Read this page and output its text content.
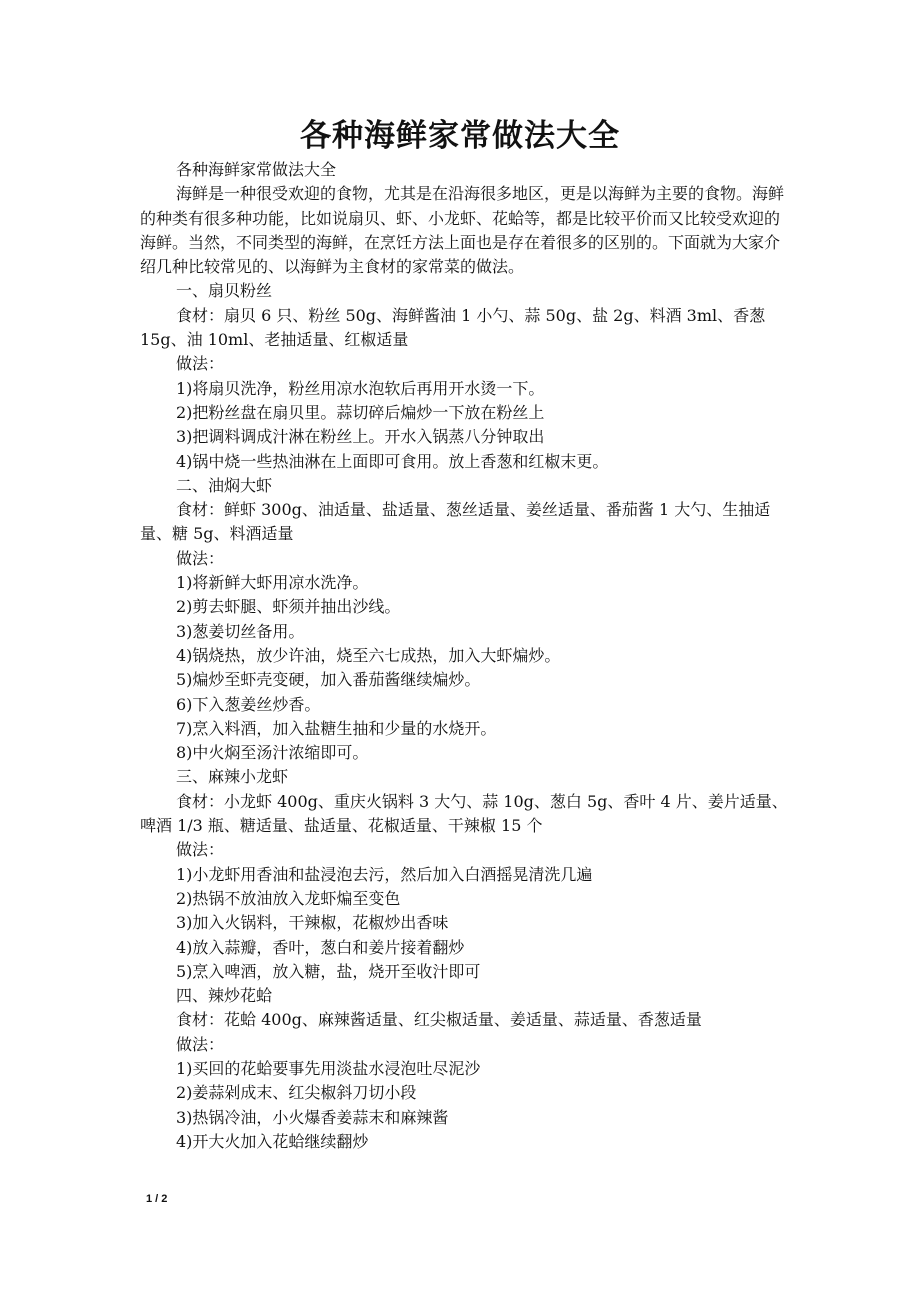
各种海鲜家常做法大全

各种海鲜家常做法大全

海鲜是一种很受欢迎的食物，尤其是在沿海很多地区，更是以海鲜为主要的食物。海鲜的种类有很多种功能，比如说扇贝、虾、小龙虾、花蛤等，都是比较平价而又比较受欢迎的海鲜。当然，不同类型的海鲜，在烹饪方法上面也是存在着很多的区别的。下面就为大家介绍几种比较常见的、以海鲜为主食材的家常菜的做法。

一、扇贝粉丝

食材：扇贝 6 只、粉丝 50g、海鲜酱油 1 小勺、蒜 50g、盐 2g、料酒 3ml、香葱 15g、油 10ml、老抽适量、红椒适量

做法：

1)将扇贝洗净，粉丝用凉水泡软后再用开水烫一下。

2)把粉丝盘在扇贝里。蒜切碎后煸炒一下放在粉丝上

3)把调料调成汁淋在粉丝上。开水入锅蒸八分钟取出

4)锅中烧一些热油淋在上面即可食用。放上香葱和红椒末更。

二、油焖大虾

食材：鲜虾 300g、油适量、盐适量、葱丝适量、姜丝适量、番茄酱 1 大勺、生抽适量、糖 5g、料酒适量

做法：

1)将新鲜大虾用凉水洗净。

2)剪去虾腿、虾须并抽出沙线。

3)葱姜切丝备用。

4)锅烧热，放少许油，烧至六七成热，加入大虾煸炒。

5)煸炒至虾壳变硬，加入番茄酱继续煸炒。

6)下入葱姜丝炒香。

7)烹入料酒，加入盐糖生抽和少量的水烧开。

8)中火焖至汤汁浓缩即可。

三、麻辣小龙虾

食材：小龙虾 400g、重庆火锅料 3 大勺、蒜 10g、葱白 5g、香叶 4 片、姜片适量、啤酒 1/3 瓶、糖适量、盐适量、花椒适量、干辣椒 15 个

做法：

1)小龙虾用香油和盐浸泡去污，然后加入白酒摇晃清洗几遍

2)热锅不放油放入龙虾煸至变色

3)加入火锅料，干辣椒，花椒炒出香味

4)放入蒜瓣，香叶，葱白和姜片接着翻炒

5)烹入啤酒，放入糖，盐，烧开至收汁即可

四、辣炒花蛤

食材：花蛤 400g、麻辣酱适量、红尖椒适量、姜适量、蒜适量、香葱适量

做法：

1)买回的花蛤要事先用淡盐水浸泡吐尽泥沙

2)姜蒜剁成末、红尖椒斜刀切小段

3)热锅冷油，小火爆香姜蒜末和麻辣酱

4)开大火加入花蛤继续翻炒

1 / 2
